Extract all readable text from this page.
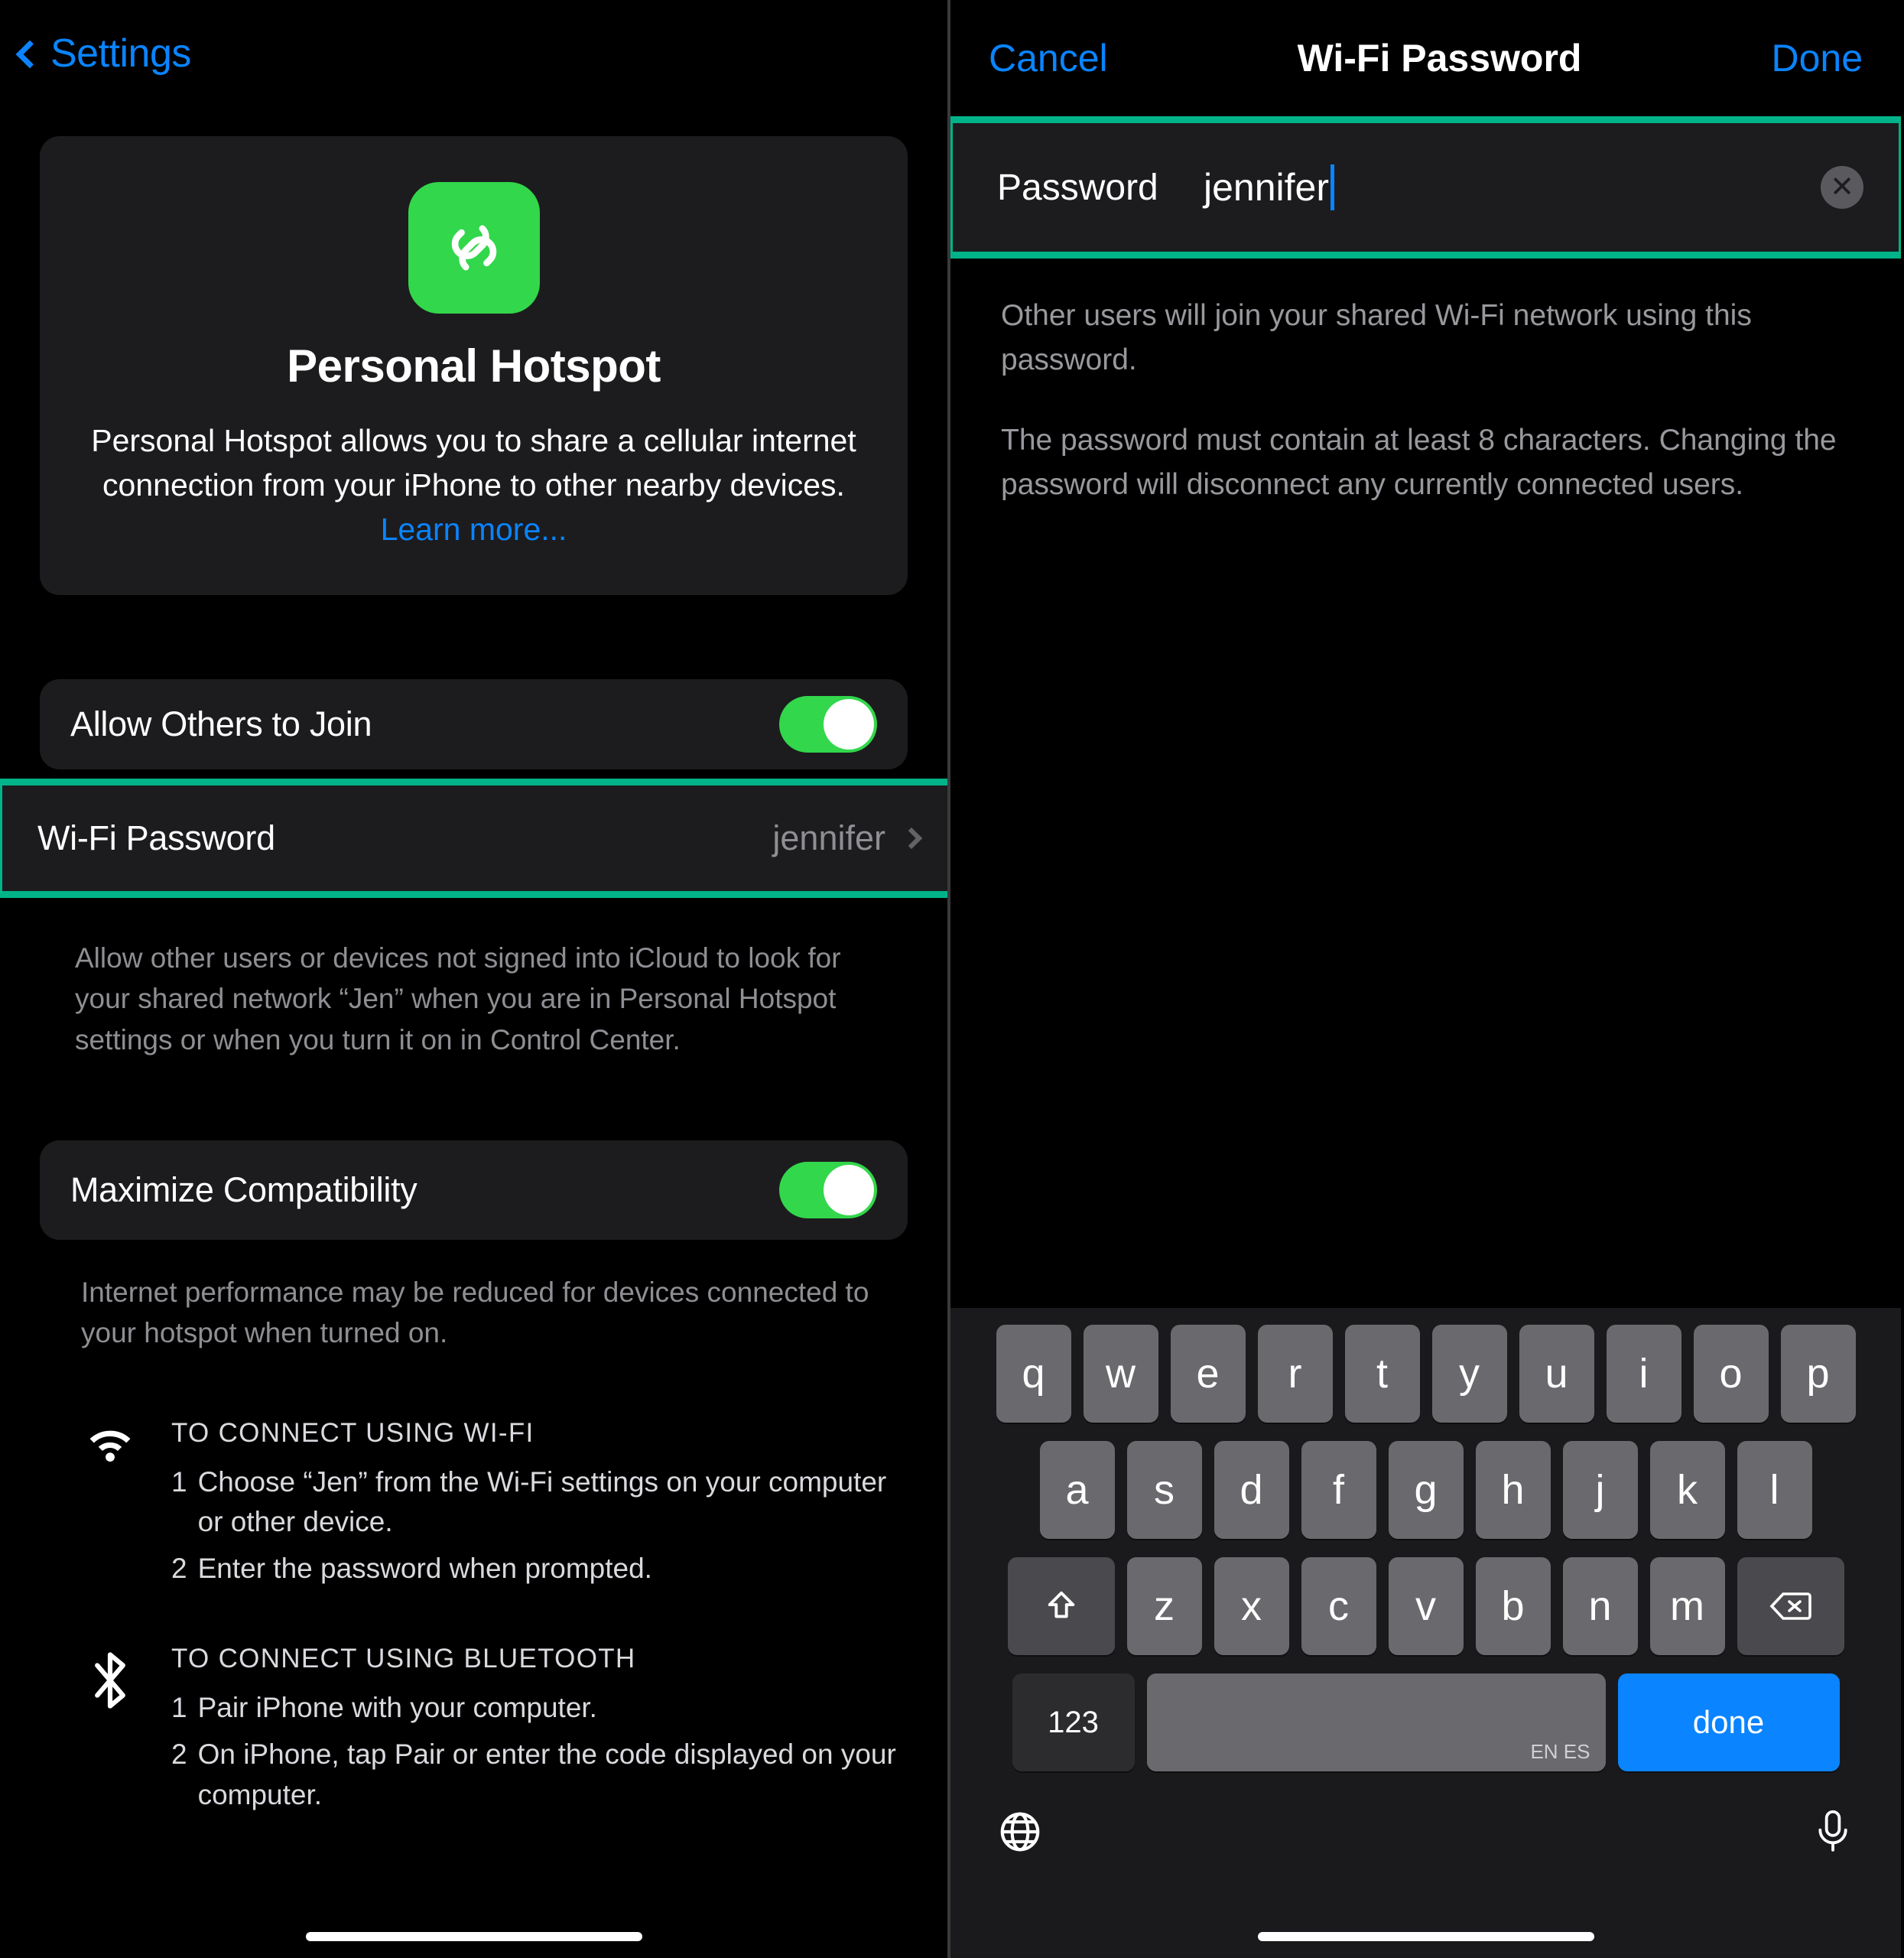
Settings
Personal Hotspot
Personal Hotspot allows you to share a cellular internet connection from your iPhone to other nearby devices. Learn more...
Allow Others to Join
Wi-Fi Password	jennifer
Allow other users or devices not signed into iCloud to look for your shared network “Jen” when you are in Personal Hotspot settings or when you turn it on in Control Center.
Maximize Compatibility
Internet performance may be reduced for devices connected to your hotspot when turned on.
TO CONNECT USING WI-FI
1 Choose “Jen” from the Wi-Fi settings on your computer or other device.
2 Enter the password when prompted.
TO CONNECT USING BLUETOOTH
1 Pair iPhone with your computer.
2 On iPhone, tap Pair or enter the code displayed on your computer.
Cancel	Wi-Fi Password	Done
Password	jennifer	✕

Other users will join your shared Wi-Fi network using this password.

The password must contain at least 8 characters. Changing the password will disconnect any currently connected users.

q	w	e	r	t	y	u	i	o	p
a	s	d	f	g	h	j	k	l
z	x	c	v	b	n	m
123
EN ES
done
